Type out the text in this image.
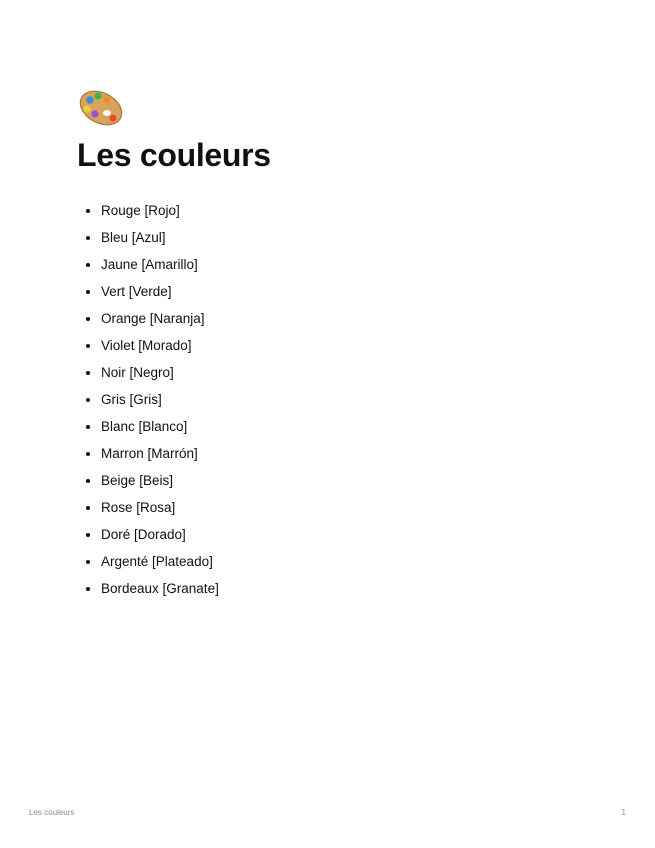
Les couleurs
Rouge [Rojo]
Bleu [Azul]
Jaune [Amarillo]
Vert [Verde]
Orange [Naranja]
Violet [Morado]
Noir [Negro]
Gris [Gris]
Blanc [Blanco]
Marron [Marrón]
Beige [Beis]
Rose [Rosa]
Doré [Dorado]
Argenté [Plateado]
Bordeaux [Granate]
Les couleurs	1
